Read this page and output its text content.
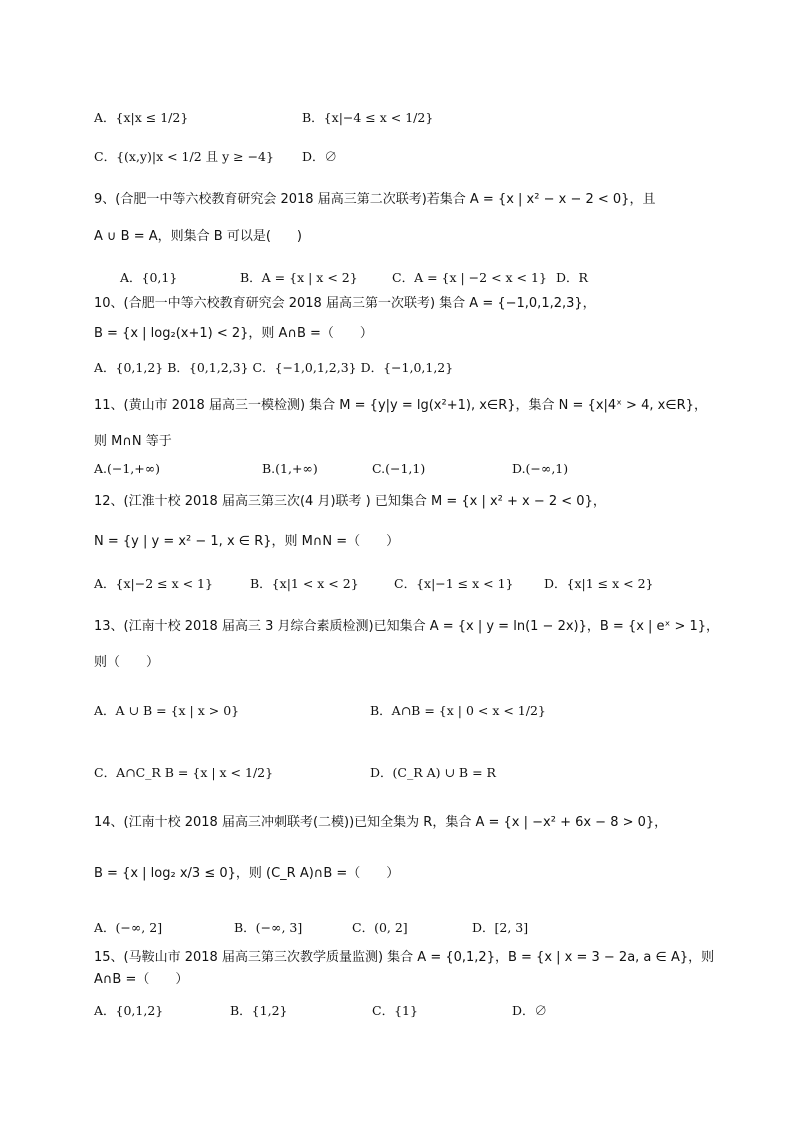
A．{x|x ≤ 1/2}	B．{x|−4 ≤ x < 1/2}
C．{(x,y)|x < 1/2 且 y ≥ −4} D．∅
9、(合肥一中等六校教育研究会 2018 届高三第二次联考)若集合 A = {x | x² − x − 2 < 0}，且
A ∪ B = A，则集合 B 可以是(　　)
A．{0,1}	B．A = {x | x < 2}	C．A = {x | −2 < x < 1} D．R
10、(合肥一中等六校教育研究会 2018 届高三第一次联考) 集合 A = {−1,0,1,2,3}，
B = {x | log₂(x+1) < 2}，则 A∩B =（　　）
A．{0,1,2} B．{0,1,2,3} C．{−1,0,1,2,3} D．{−1,0,1,2}
11、(黄山市 2018 届高三一模检测) 集合 M = {y|y = lg(x²+1), x∈R}，集合 N = {x|4ˣ > 4, x∈R}，
则 M∩N 等于
A.(−1,+∞)	B.(1,+∞)	C.(−1,1)	D.(−∞,1)
12、(江淮十校 2018 届高三第三次(4 月)联考 ) 已知集合 M = {x | x² + x − 2 < 0}，
N = {y | y = x² − 1, x ∈ R}，则 M∩N =（　　）
A．{x|−2 ≤ x < 1}	B．{x|1 < x < 2}	C．{x|−1 ≤ x < 1} D．{x|1 ≤ x < 2}
13、(江南十校 2018 届高三 3 月综合素质检测)已知集合 A = {x | y = ln(1 − 2x)}，B = {x | eˣ > 1}，
则（　　）
A．A ∪ B = {x | x > 0}	B．A∩B = {x | 0 < x < 1/2}
C．A∩C_R B = {x | x < 1/2}	D．(C_R A) ∪ B = R
14、(江南十校 2018 届高三冲刺联考(二模))已知全集为 R，集合 A = {x | −x² + 6x − 8 > 0}，
B = {x | log₂ x/3 ≤ 0}，则 (C_R A)∩B =（　　）
A．(−∞, 2]	B．(−∞, 3]	C．(0, 2]	D．[2, 3]
15、(马鞍山市 2018 届高三第三次教学质量监测) 集合 A = {0,1,2}，B = {x | x = 3 − 2a, a ∈ A}，则
A∩B =（　　）
A．{0,1,2}	B．{1,2}	C．{1}	D．∅
